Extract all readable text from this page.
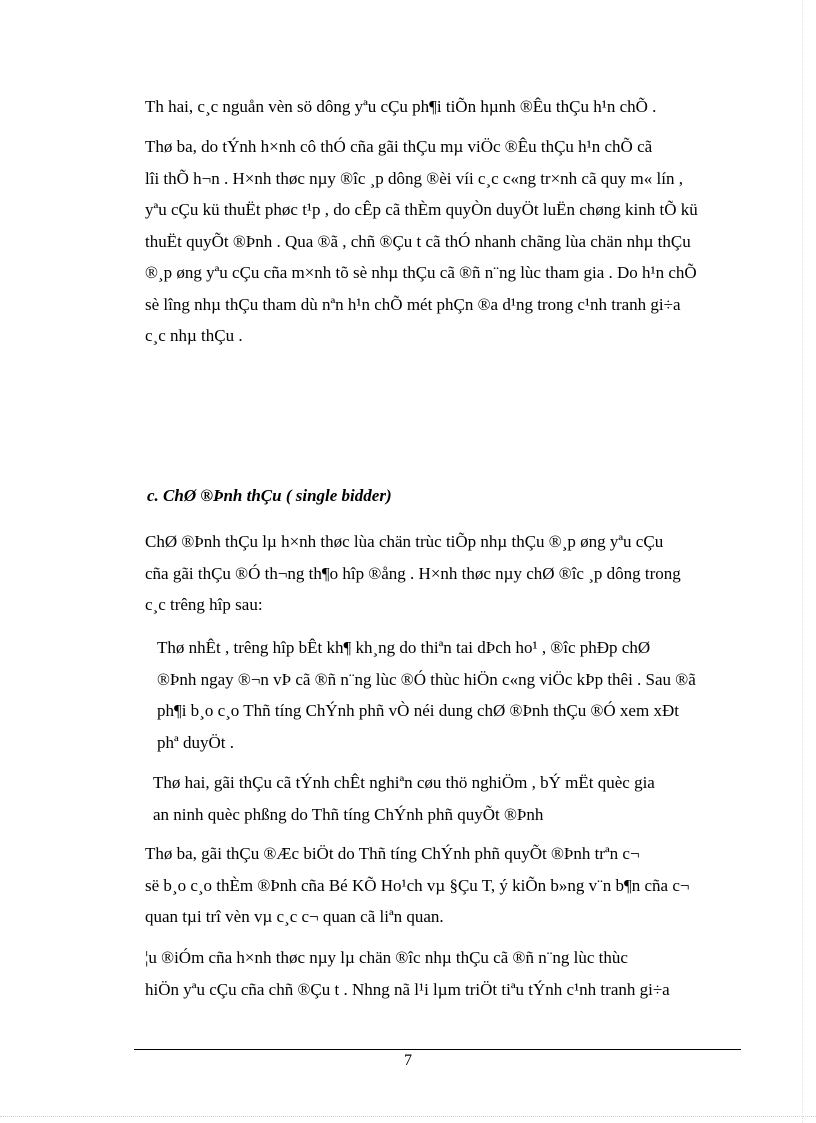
Th hai, c¸c nguån vèn sö dông yªu cÇu ph¶i tiÕn hµnh ®Êu thÇu h¹n chÕ .

Thø ba, do tÝnh h×nh cô thÓ cña gãi thÇu mµ viÖc ®Êu thÇu h¹n chÕ cã
lîi thÕ h¬n . H×nh thøc nµy ®îc ¸p dông ®èi víi c¸c c«ng tr×nh cã quy m« lín ,
yªu cÇu kü thuËt phøc t¹p , do cÊp cã thÈm quyÒn duyÖt luËn chøng kinh tÕ kü
thuËt quyÕt ®Þnh . Qua ®ã , chñ ®Çu t cã thÓ nhanh chãng lùa chän nhµ thÇu
®¸p øng yªu cÇu cña m×nh tõ sè nhµ thÇu cã ®ñ n¨ng lùc tham gia . Do h¹n chÕ
sè lîng nhµ thÇu tham dù nªn h¹n chÕ mét phÇn ®a d¹ng trong c¹nh tranh gi÷a
c¸c nhµ thÇu .

c. ChØ ®Þnh thÇu ( single bidder)

ChØ ®Þnh thÇu lµ h×nh thøc lùa chän trùc tiÕp nhµ thÇu ®¸p øng yªu cÇu
cña gãi thÇu ®Ó th¬ng th¶o hîp ®ång . H×nh thøc nµy chØ ®îc ¸p dông trong
c¸c trêng hîp sau:

Thø nhÊt , trêng hîp bÊt kh¶ kh¸ng do thiªn tai dÞch ho¹ , ®îc phÐp chØ
®Þnh ngay ®¬n vÞ cã ®ñ n¨ng lùc ®Ó thùc hiÖn c«ng viÖc kÞp thêi . Sau ®ã
ph¶i b¸o c¸o Thñ tíng ChÝnh phñ vÒ néi dung chØ ®Þnh thÇu ®Ó xem xÐt
phª duyÖt .

Thø hai, gãi thÇu cã tÝnh chÊt nghiªn cøu thö nghiÖm , bÝ mËt quèc gia
an ninh quèc phßng do Thñ tíng ChÝnh phñ quyÕt ®Þnh

Thø ba, gãi thÇu ®Æc biÖt do Thñ tíng ChÝnh phñ quyÕt ®Þnh trªn c¬
së b¸o c¸o thÈm ®Þnh cña Bé KÕ Ho¹ch vµ §Çu T, ý kiÕn b»ng v¨n b¶n cña c¬
quan tµi trî vèn vµ c¸c c¬ quan cã liªn quan.

¦u ®iÓm cña h×nh thøc nµy lµ chän ®îc nhµ thÇu cã ®ñ n¨ng lùc thùc
hiÖn yªu cÇu cña chñ ®Çu t . Nhng nã l¹i lµm triÖt tiªu tÝnh c¹nh tranh gi÷a

7
